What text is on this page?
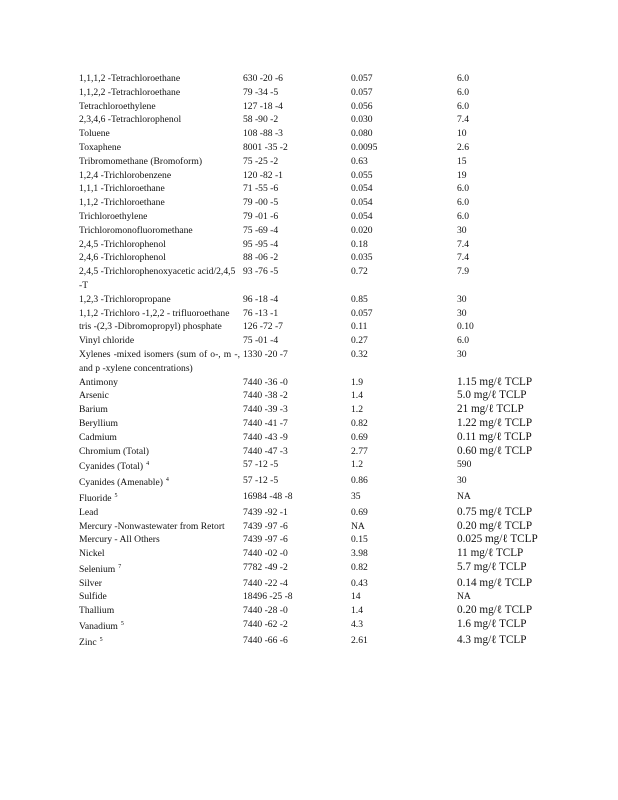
1,1,1,2 -Tetrachloroethane	630 -20 -6	0.057	6.0
1,1,2,2 -Tetrachloroethane	79 -34 -5	0.057	6.0
Tetrachloroethylene	127 -18 -4	0.056	6.0
2,3,4,6 -Tetrachlorophenol	58 -90 -2	0.030	7.4
Toluene	108 -88 -3	0.080	10
Toxaphene	8001 -35 -2	0.0095	2.6
Tribromomethane (Bromoform)	75 -25 -2	0.63	15
1,2,4 -Trichlorobenzene	120 -82 -1	0.055	19
1,1,1 -Trichloroethane	71 -55 -6	0.054	6.0
1,1,2 -Trichloroethane	79 -00 -5	0.054	6.0
Trichloroethylene	79 -01 -6	0.054	6.0
Trichloromonofluoromethane	75 -69 -4	0.020	30
2,4,5 -Trichlorophenol	95 -95 -4	0.18	7.4
2,4,6 -Trichlorophenol	88 -06 -2	0.035	7.4
2,4,5 -Trichlorophenoxyacetic acid/2,4,5 -T	93 -76 -5	0.72	7.9
1,2,3 -Trichloropropane	96 -18 -4	0.85	30
1,1,2 -Trichloro -1,2,2 - trifluoroethane	76 -13 -1	0.057	30
tris -(2,3 -Dibromopropyl) phosphate	126 -72 -7	0.11	0.10
Vinyl chloride	75 -01 -4	0.27	6.0
Xylenes -mixed isomers (sum of o-, m -, and p -xylene concentrations)	1330 -20 -7	0.32	30
Antimony	7440 -36 -0	1.9	1.15 mg/ℓ TCLP
Arsenic	7440 -38 -2	1.4	5.0 mg/ℓ TCLP
Barium	7440 -39 -3	1.2	21 mg/ℓ TCLP
Beryllium	7440 -41 -7	0.82	1.22 mg/ℓ TCLP
Cadmium	7440 -43 -9	0.69	0.11 mg/ℓ TCLP
Chromium (Total)	7440 -47 -3	2.77	0.60 mg/ℓ TCLP
Cyanides (Total) $^4$	57 -12 -5	1.2	590
Cyanides (Amenable) $^4$	57 -12 -5	0.86	30
Fluoride $^5$	16984 -48 -8	35	NA
Lead	7439 -92 -1	0.69	0.75 mg/ℓ TCLP
Mercury -Nonwastewater from Retort	7439 -97 -6	NA	0.20 mg/ℓ TCLP
Mercury - All Others	7439 -97 -6	0.15	0.025 mg/ℓ TCLP
Nickel	7440 -02 -0	3.98	11 mg/ℓ TCLP
Selenium $^7$	7782 -49 -2	0.82	5.7 mg/ℓ TCLP
Silver	7440 -22 -4	0.43	0.14 mg/ℓ TCLP
Sulfide	18496 -25 -8	14	NA
Thallium	7440 -28 -0	1.4	0.20 mg/ℓ TCLP
Vanadium $^5$	7440 -62 -2	4.3	1.6 mg/ℓ TCLP
Zinc $^5$	7440 -66 -6	2.61	4.3 mg/ℓ TCLP
